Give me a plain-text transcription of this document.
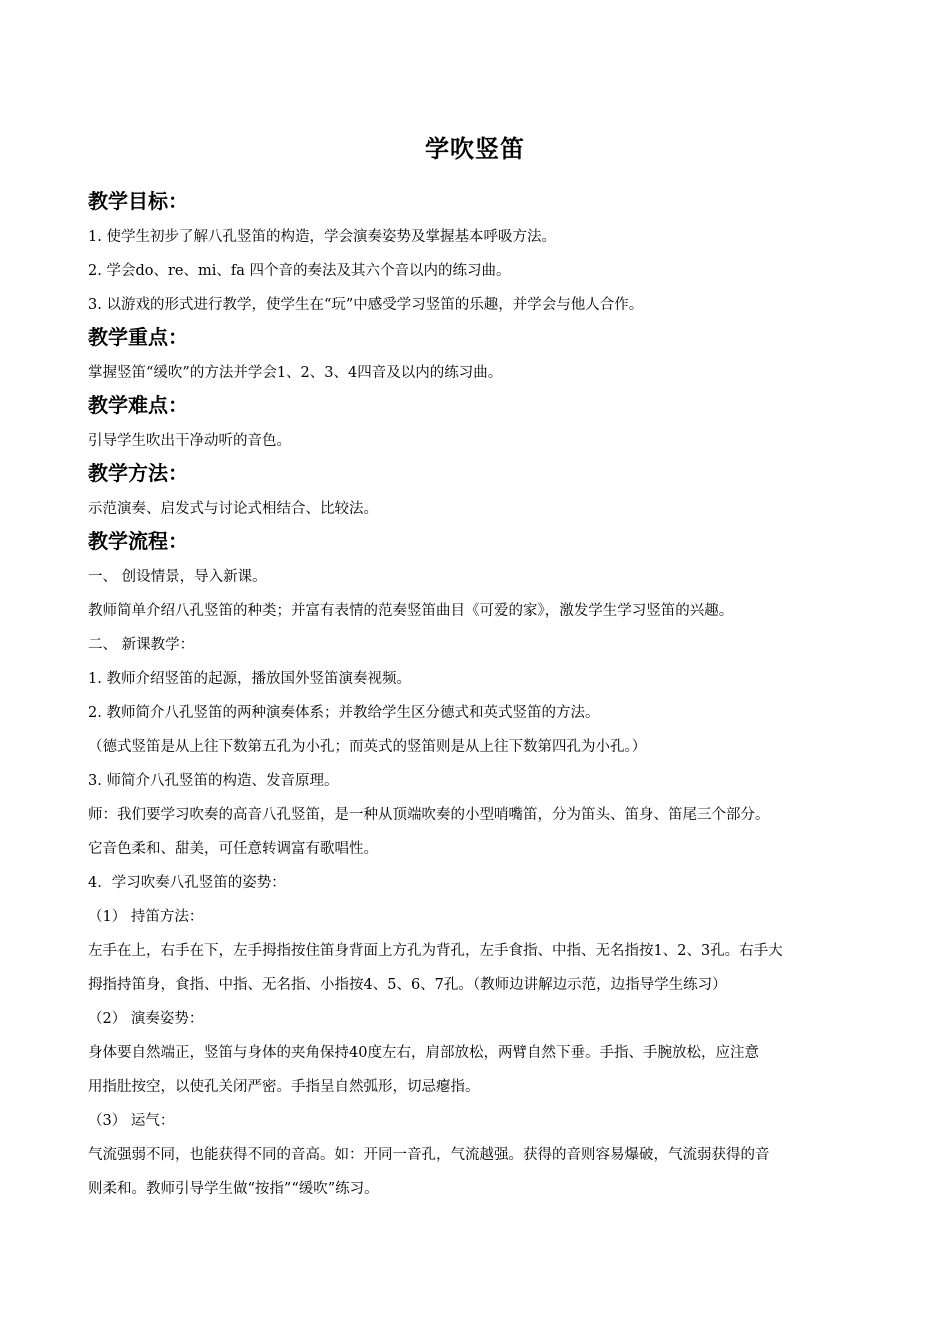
学吹竖笛
教学目标：
1. 使学生初步了解八孔竖笛的构造，学会演奏姿势及掌握基本呼吸方法。
2. 学会do、re、mi、fa 四个音的奏法及其六个音以内的练习曲。
3. 以游戏的形式进行教学，使学生在“玩”中感受学习竖笛的乐趣，并学会与他人合作。
教学重点：
掌握竖笛“缓吹”的方法并学会1、2、3、4四音及以内的练习曲。
教学难点：
引导学生吹出干净动听的音色。
教学方法：
示范演奏、启发式与讨论式相结合、比较法。
教学流程：
一、 创设情景，导入新课。
教师简单介绍八孔竖笛的种类；并富有表情的范奏竖笛曲目《可爱的家》，激发学生学习竖笛的兴趣。
二、 新课教学：
1. 教师介绍竖笛的起源，播放国外竖笛演奏视频。
2. 教师简介八孔竖笛的两种演奏体系；并教给学生区分德式和英式竖笛的方法。
（德式竖笛是从上往下数第五孔为小孔；而英式的竖笛则是从上往下数第四孔为小孔。）
3. 师简介八孔竖笛的构造、发音原理。
师：我们要学习吹奏的高音八孔竖笛，是一种从顶端吹奏的小型哨嘴笛，分为笛头、笛身、笛尾三个部分。
它音色柔和、甜美，可任意转调富有歌唱性。
4．学习吹奏八孔竖笛的姿势：
（1） 持笛方法：
左手在上，右手在下，左手拇指按住笛身背面上方孔为背孔，左手食指、中指、无名指按1、2、3孔。右手大
拇指持笛身，食指、中指、无名指、小指按4、5、6、7孔。（教师边讲解边示范，边指导学生练习）
（2） 演奏姿势：
身体要自然端正，竖笛与身体的夹角保持40度左右，肩部放松，两臂自然下垂。手指、手腕放松，应注意
用指肚按空，以使孔关闭严密。手指呈自然弧形，切忌瘪指。
（3） 运气：
气流强弱不同，也能获得不同的音高。如：开同一音孔，气流越强。获得的音则容易爆破，气流弱获得的音
则柔和。教师引导学生做“按指”“缓吹”练习。
